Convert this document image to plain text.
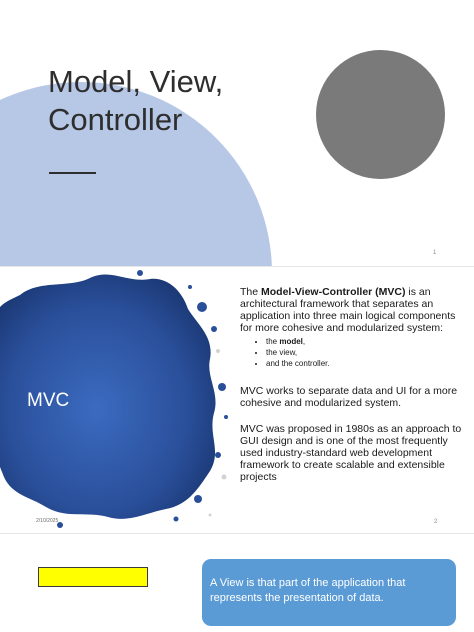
Model, View,
Controller
1
MVC
2/10/2025

The Model-View-Controller (MVC) is an architectural framework that separates an application into three main logical components for more cohesive and modularized system:

• the model,
• the view,
• and the controller.

MVC works to separate data and UI for a more cohesive and modularized system.

MVC was proposed in 1980s as an approach to GUI design and is one of the most frequently used industry-standard web development framework to create scalable and extensible projects

2
A View is that part of the application that represents the presentation of data.
